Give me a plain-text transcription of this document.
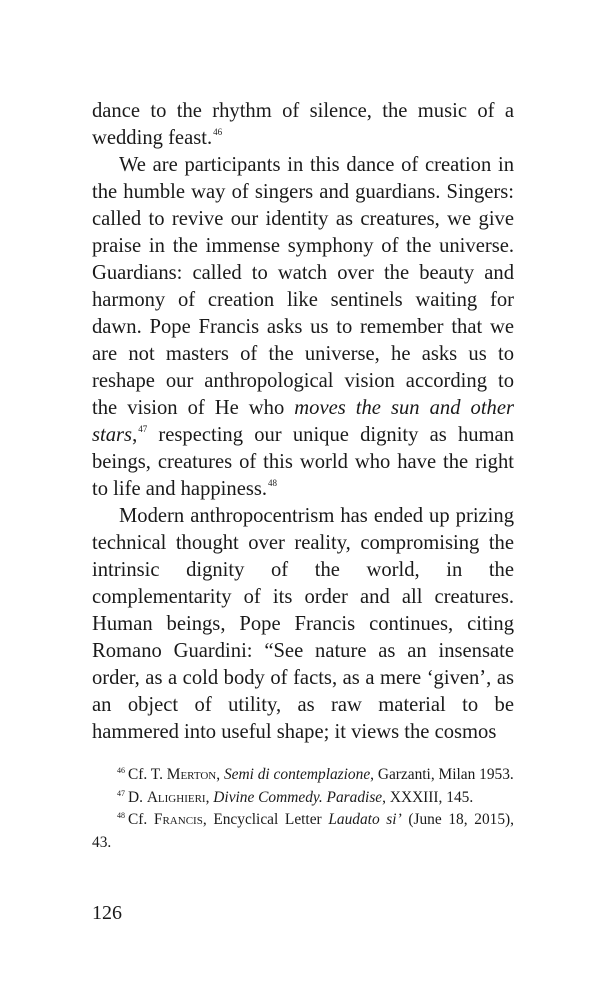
dance to the rhythm of silence, the music of a wedding feast.$^{46}$

We are participants in this dance of creation in the humble way of singers and guardians. Singers: called to revive our identity as creatures, we give praise in the immense symphony of the universe. Guardians: called to watch over the beauty and harmony of creation like sentinels waiting for dawn. Pope Francis asks us to remember that we are not masters of the universe, he asks us to reshape our anthropological vision according to the vision of He who moves the sun and other stars,$^{47}$ respecting our unique dignity as human beings, creatures of this world who have the right to life and happiness.$^{48}$

Modern anthropocentrism has ended up prizing technical thought over reality, compromising the intrinsic dignity of the world, in the complementarity of its order and all creatures. Human beings, Pope Francis continues, citing Romano Guardini: “See nature as an insensate order, as a cold body of facts, as a mere ‘given’, as an object of utility, as raw material to be hammered into useful shape; it views the cosmos

$^{46}$ Cf. T. Merton, Semi di contemplazione, Garzanti, Milan 1953.

$^{47}$ D. Alighieri, Divine Commedy. Paradise, XXXIII, 145.

$^{48}$ Cf. Francis, Encyclical Letter Laudato si’ (June 18, 2015), 43.

126
